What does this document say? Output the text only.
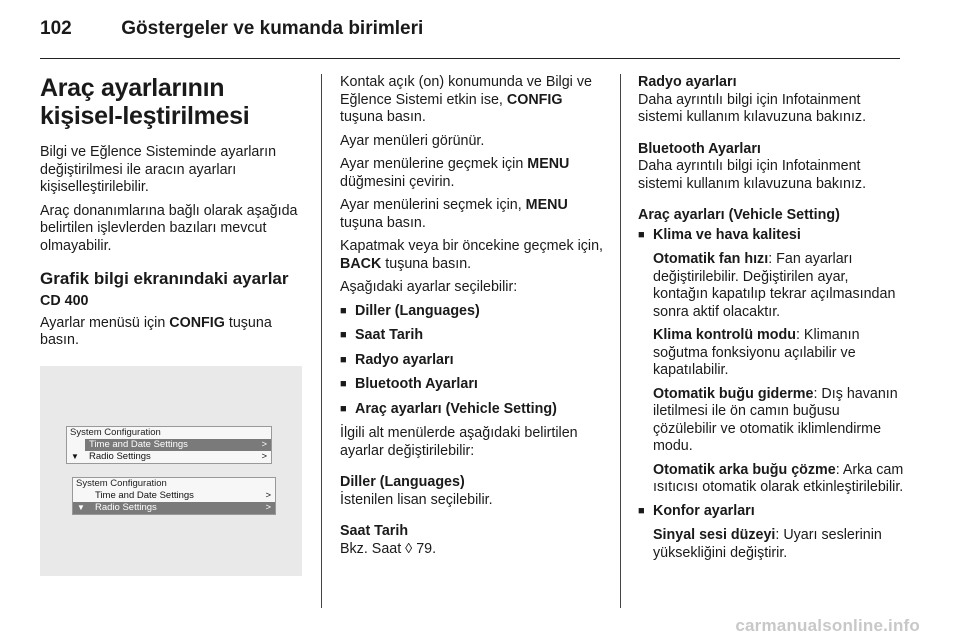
102	Göstergeler ve kumanda birimleri
Araç ayarlarının kişisel-leştirilmesi

Bilgi ve Eğlence Sisteminde ayarların değiştirilmesi ile aracın ayarları kişiselleştirilebilir.

Araç donanımlarına bağlı olarak aşağıda belirtilen işlevlerden bazıları mevcut olmayabilir.

Grafik bilgi ekranındaki ayarlar

CD 400

Ayarlar menüsü için CONFIG tuşuna basın.

System Configuration
Time and Date Settings	>
▼ Radio Settings	>
System Configuration
Time and Date Settings	>
▼ Radio Settings	>

Kontak açık (on) konumunda ve Bilgi ve Eğlence Sistemi etkin ise, CONFIG tuşuna basın.

Ayar menüleri görünür.

Ayar menülerine geçmek için MENU düğmesini çevirin.

Ayar menülerini seçmek için, MENU tuşuna basın.

Kapatmak veya bir öncekine geçmek için, BACK tuşuna basın.

Aşağıdaki ayarlar seçilebilir:

■ Diller (Languages)
■ Saat Tarih
■ Radyo ayarları
■ Bluetooth Ayarları
■ Araç ayarları (Vehicle Setting)

İlgili alt menülerde aşağıdaki belirtilen ayarlar değiştirilebilir:

Diller (Languages)

İstenilen lisan seçilebilir.

Saat Tarih

Bkz. Saat ◊ 79.

Radyo ayarları

Daha ayrıntılı bilgi için Infotainment sistemi kullanım kılavuzuna bakınız.

Bluetooth Ayarları

Daha ayrıntılı bilgi için Infotainment sistemi kullanım kılavuzuna bakınız.

Araç ayarları (Vehicle Setting)

■ Klima ve hava kalitesi

Otomatik fan hızı: Fan ayarları değiştirilebilir. Değiştirilen ayar, kontağın kapatılıp tekrar açılmasından sonra aktif olacaktır.

Klima kontrolü modu: Klimanın soğutma fonksiyonu açılabilir ve kapatılabilir.

Otomatik buğu giderme: Dış havanın iletilmesi ile ön camın buğusu çözülebilir ve otomatik iklimlendirme modu.

Otomatik arka buğu çözme: Arka cam ısıtıcısı otomatik olarak etkinleştirilebilir.

■ Konfor ayarları

Sinyal sesi düzeyi: Uyarı seslerinin yüksekliğini değiştirir.

carmanualsonline.info
